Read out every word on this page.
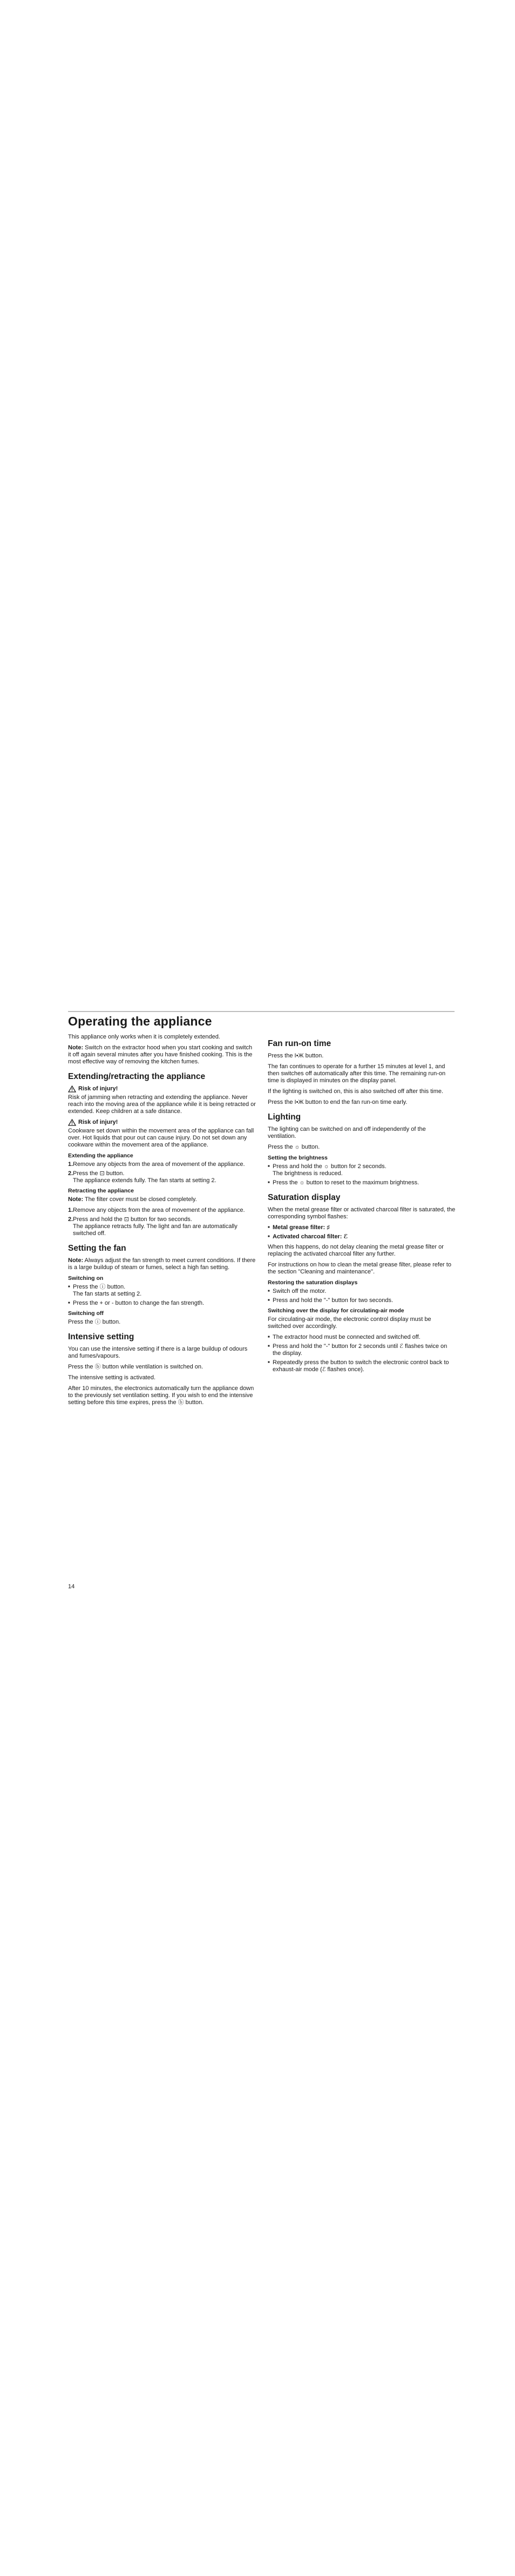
Operating the appliance

This appliance only works when it is completely extended.

Note: Switch on the extractor hood when you start cooking and switch it off again several minutes after you have finished cooking. This is the most effective way of removing the kitchen fumes.

Extending/retracting the appliance
Risk of injury!

Risk of jamming when retracting and extending the appliance. Never reach into the moving area of the appliance while it is being retracted or extended. Keep children at a safe distance.

Risk of injury!

Cookware set down within the movement area of the appliance can fall over. Hot liquids that pour out can cause injury. Do not set down any cookware within the movement area of the appliance.

Extending the appliance
1. Remove any objects from the area of movement of the appliance.
2. Press the ⊡ button.
The appliance extends fully. The fan starts at setting 2.
Retracting the appliance

Note: The filter cover must be closed completely.

1. Remove any objects from the area of movement of the appliance.
2. Press and hold the ⊡ button for two seconds.
The appliance retracts fully. The light and fan are automatically switched off.
Setting the fan

Note: Always adjust the fan strength to meet current conditions. If there is a large buildup of steam or fumes, select a high fan setting.

Switching on
■ Press the ⓘ button.
The fan starts at setting 2.
■ Press the + or - button to change the fan strength.
Switching off

Press the ⓘ button.

Intensive setting

You can use the intensive setting if there is a large buildup of odours and fumes/vapours.

Press the ⓑ button while ventilation is switched on.

The intensive setting is activated.

After 10 minutes, the electronics automatically turn the appliance down to the previously set ventilation setting. If you wish to end the intensive setting before this time expires, press the ⓑ button.

Fan run-on time

Press the I•Ж button.

The fan continues to operate for a further 15 minutes at level 1, and then switches off automatically after this time. The remaining run-on time is displayed in minutes on the display panel.

If the lighting is switched on, this is also switched off after this time.

Press the I•Ж button to end the fan run-on time early.

Lighting

The lighting can be switched on and off independently of the ventilation.

Press the ☼ button.

Setting the brightness
■ Press and hold the ☼ button for 2 seconds.
The brightness is reduced.
■ Press the ☼ button to reset to the maximum brightness.
Saturation display

When the metal grease filter or activated charcoal filter is saturated, the corresponding symbol flashes:

■ Metal grease filter: ♯
■ Activated charcoal filter: ℰ

When this happens, do not delay cleaning the metal grease filter or replacing the activated charcoal filter any further.

For instructions on how to clean the metal grease filter, please refer to the section "Cleaning and maintenance".

Restoring the saturation displays
■ Switch off the motor.
■ Press and hold the "-" button for two seconds.
Switching over the display for circulating-air mode

For circulating-air mode, the electronic control display must be switched over accordingly.

■ The extractor hood must be connected and switched off.
■ Press and hold the "-" button for 2 seconds until ℰ flashes twice on the display.
■ Repeatedly press the button to switch the electronic control back to exhaust-air mode (ℰ flashes once).
14
